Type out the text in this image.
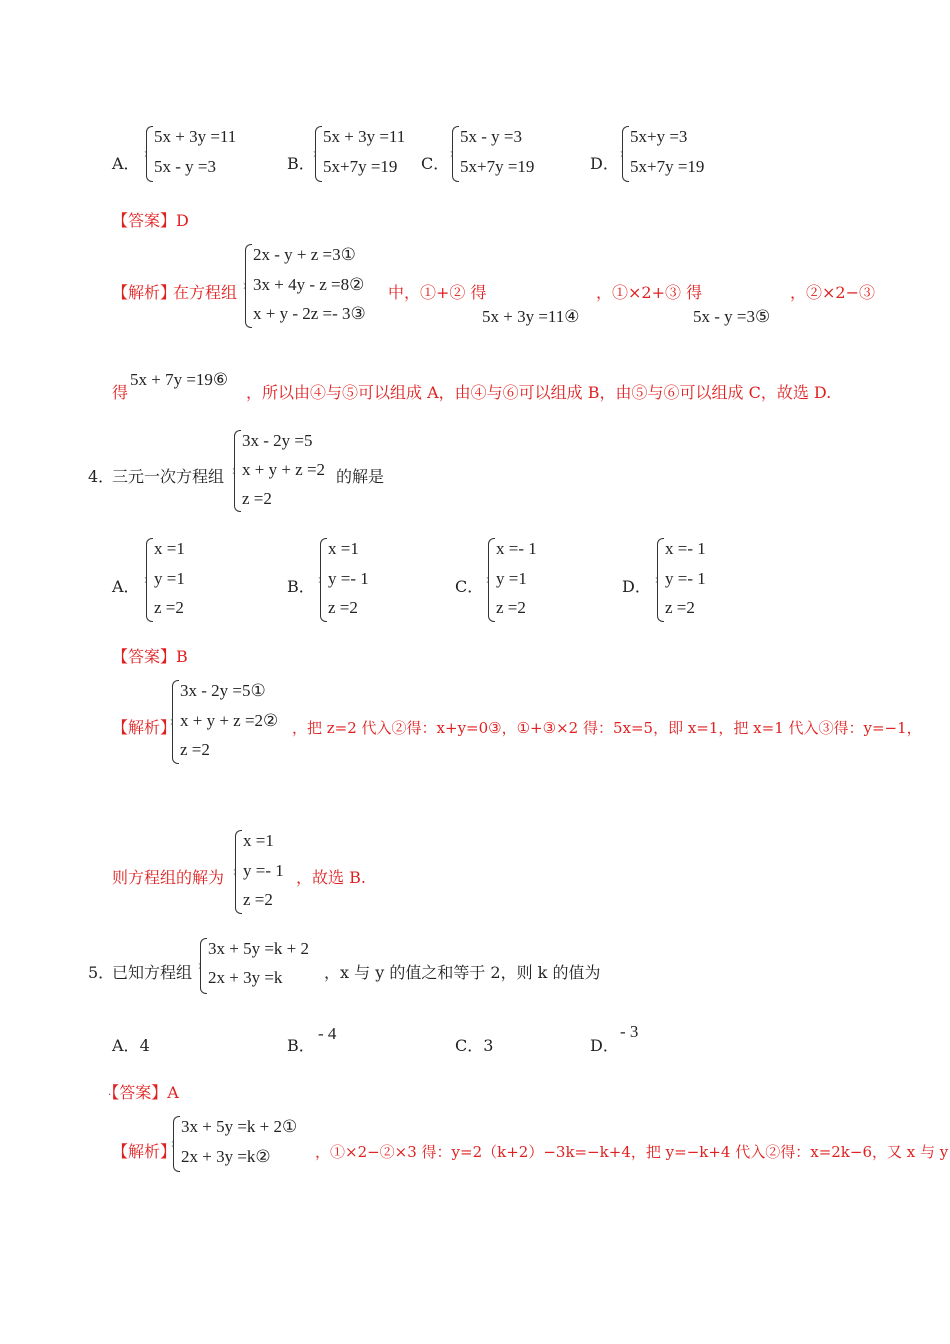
A．
5x + 3y =11
5x - y =3	B．
5x + 3y =11
5x+7y =19 C．
5x - y =3
5x+7y =19	D．
5x+y =3
5x+7y =19
【答案】D
【解析】
在方程组
2x - y + z =3①
3x + 4y - z =8②
x + y - 2z =- 3③
中，①+② 得
5x + 3y =11④
，①×2+③ 得
5x - y =3⑤
，②×2−③
得
5x + 7y =19⑥
，所以由④与⑤可以组成 A，由④与⑥可以组成 B，由⑤与⑥可以组成 C，故选 D.
4．
三元一次方程组
3x - 2y =5
x + y + z =2
z =2
的解是
A．
x =1
y =1
z =2
B．
x =1
y =- 1
z =2
C．
x =- 1
y =1
z =2
D．
x =- 1
y =- 1
z =2
【答案】B
【解析】
3x - 2y =5①
x + y + z =2②
z =2
，把 z=2 代入②得：x+y=0③，①+③×2 得：5x=5，即 x=1，把 x=1 代入③得：y=−1，
则方程组的解为
x =1
y =- 1
z =2
，故选 B.
5．
已知方程组
3x + 5y =k + 2
2x + 3y =k	，x 与 y 的值之和等于 2，则 k 的值为
A．4	B．
- 4
C．3	D．
- 3
·【答案】A
【解析】
3x + 5y =k + 2①
2x + 3y =k②	，①×2−②×3 得：y=2（k+2）−3k=−k+4，把 y=−k+4 代入②得：x=2k−6，又 x 与 y
